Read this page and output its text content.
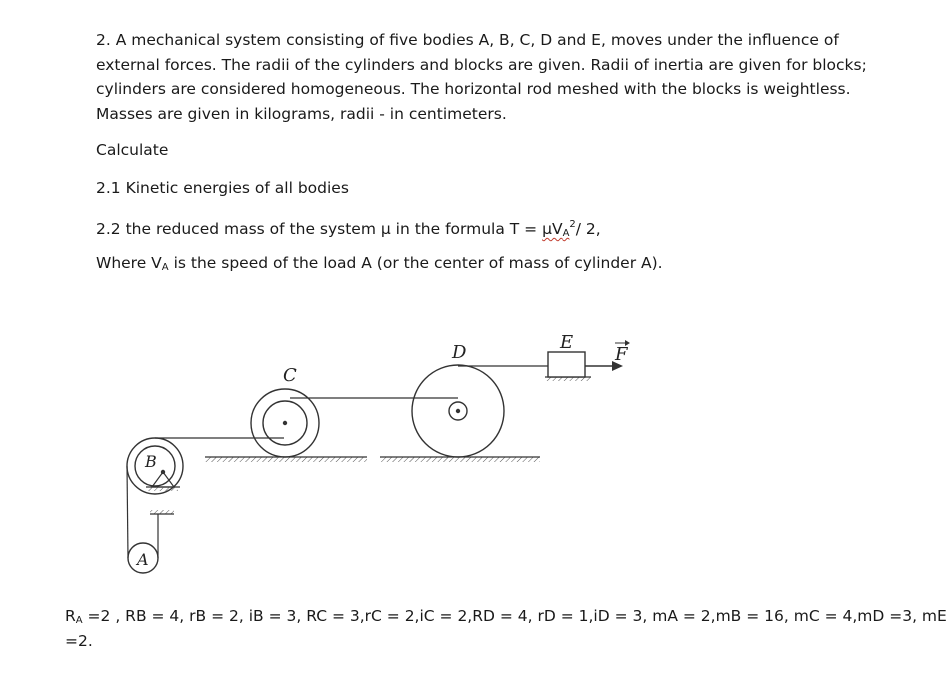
2. A mechanical system consisting of five bodies A, B, C, D and E, moves under the influence of
external forces. The radii of the cylinders and blocks are given. Radii of inertia are given for blocks;
cylinders are considered homogeneous. The horizontal rod meshed with the blocks is weightless.
Masses are given in kilograms, radii - in centimeters.
Calculate
2.1 Kinetic energies of all bodies
2.2 the reduced mass of the system μ in the formula $T = \mu V_A^2/$ 2,
Where $V_A$ is the speed of the load A (or the center of mass of cylinder A).
C
D	E
F
B
A
$R_A =2$ , RB = 4, rB = 2, iB = 3, RC = 3,rC = 2,iC = 2,RD = 4, rD = 1,iD = 3, mA = 2,mB = 16, mC = 4,mD =3, mE
=2.
